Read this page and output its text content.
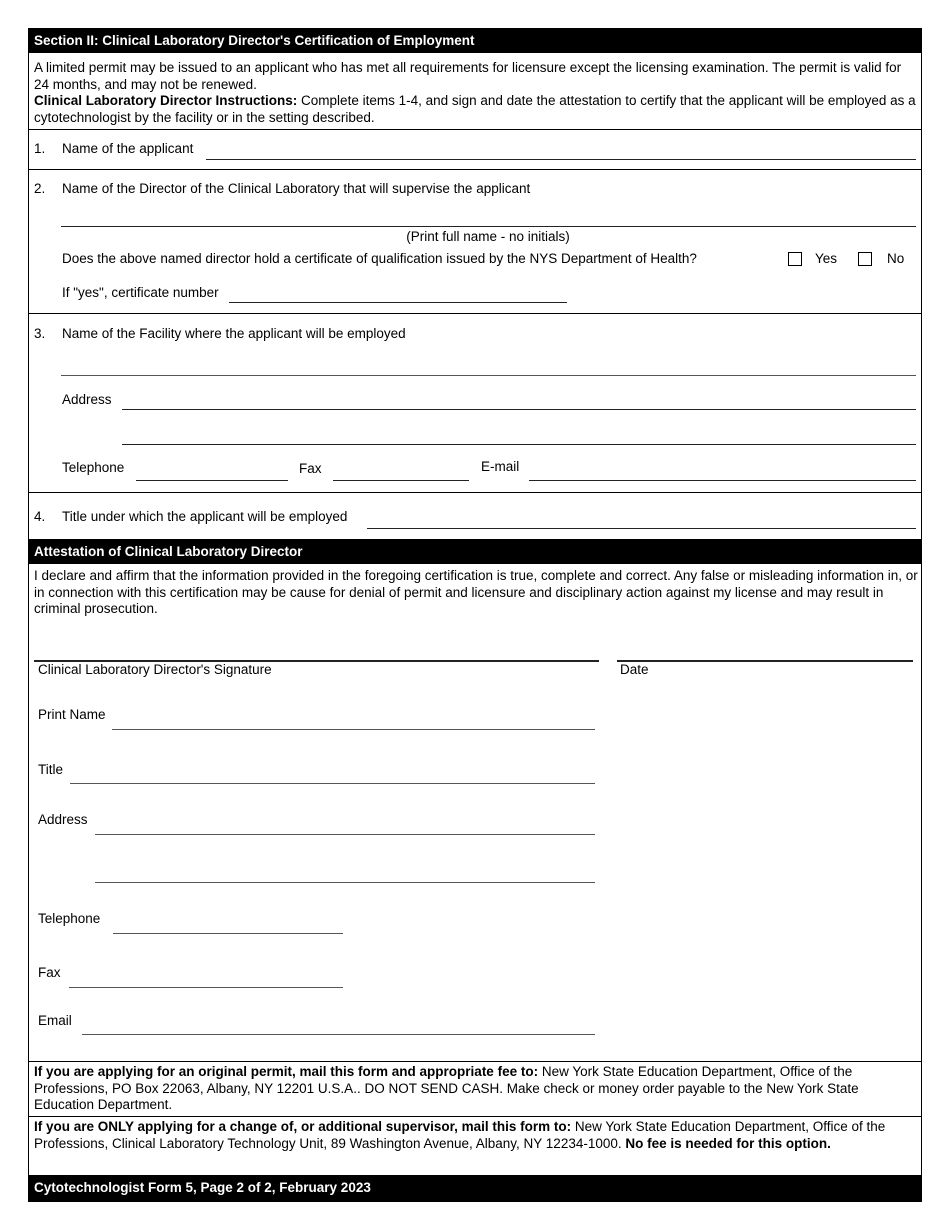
Section II: Clinical Laboratory Director's Certification of Employment
A limited permit may be issued to an applicant who has met all requirements for licensure except the licensing examination. The permit is valid for 24 months, and may not be renewed.
Clinical Laboratory Director Instructions: Complete items 1-4, and sign and date the attestation to certify that the applicant will be employed as a cytotechnologist by the facility or in the setting described.
1. Name of the applicant
2. Name of the Director of the Clinical Laboratory that will supervise the applicant
(Print full name - no initials)
Does the above named director hold a certificate of qualification issued by the NYS Department of Health?	Yes	No
If "yes", certificate number
3. Name of the Facility where the applicant will be employed
Address
Telephone	Fax	E-mail
4. Title under which the applicant will be employed
Attestation of Clinical Laboratory Director
I declare and affirm that the information provided in the foregoing certification is true, complete and correct. Any false or misleading information in, or in connection with this certification may be cause for denial of permit and licensure and disciplinary action against my license and may result in criminal prosecution.
Clinical Laboratory Director's Signature	Date
Print Name
Title
Address
Telephone
Fax
Email
If you are applying for an original permit, mail this form and appropriate fee to: New York State Education Department, Office of the Professions, PO Box 22063, Albany, NY 12201 U.S.A.. DO NOT SEND CASH. Make check or money order payable to the New York State Education Department.
If you are ONLY applying for a change of, or additional supervisor, mail this form to: New York State Education Department, Office of the Professions, Clinical Laboratory Technology Unit, 89 Washington Avenue, Albany, NY 12234-1000. No fee is needed for this option.
Cytotechnologist Form 5, Page 2 of 2, February 2023
